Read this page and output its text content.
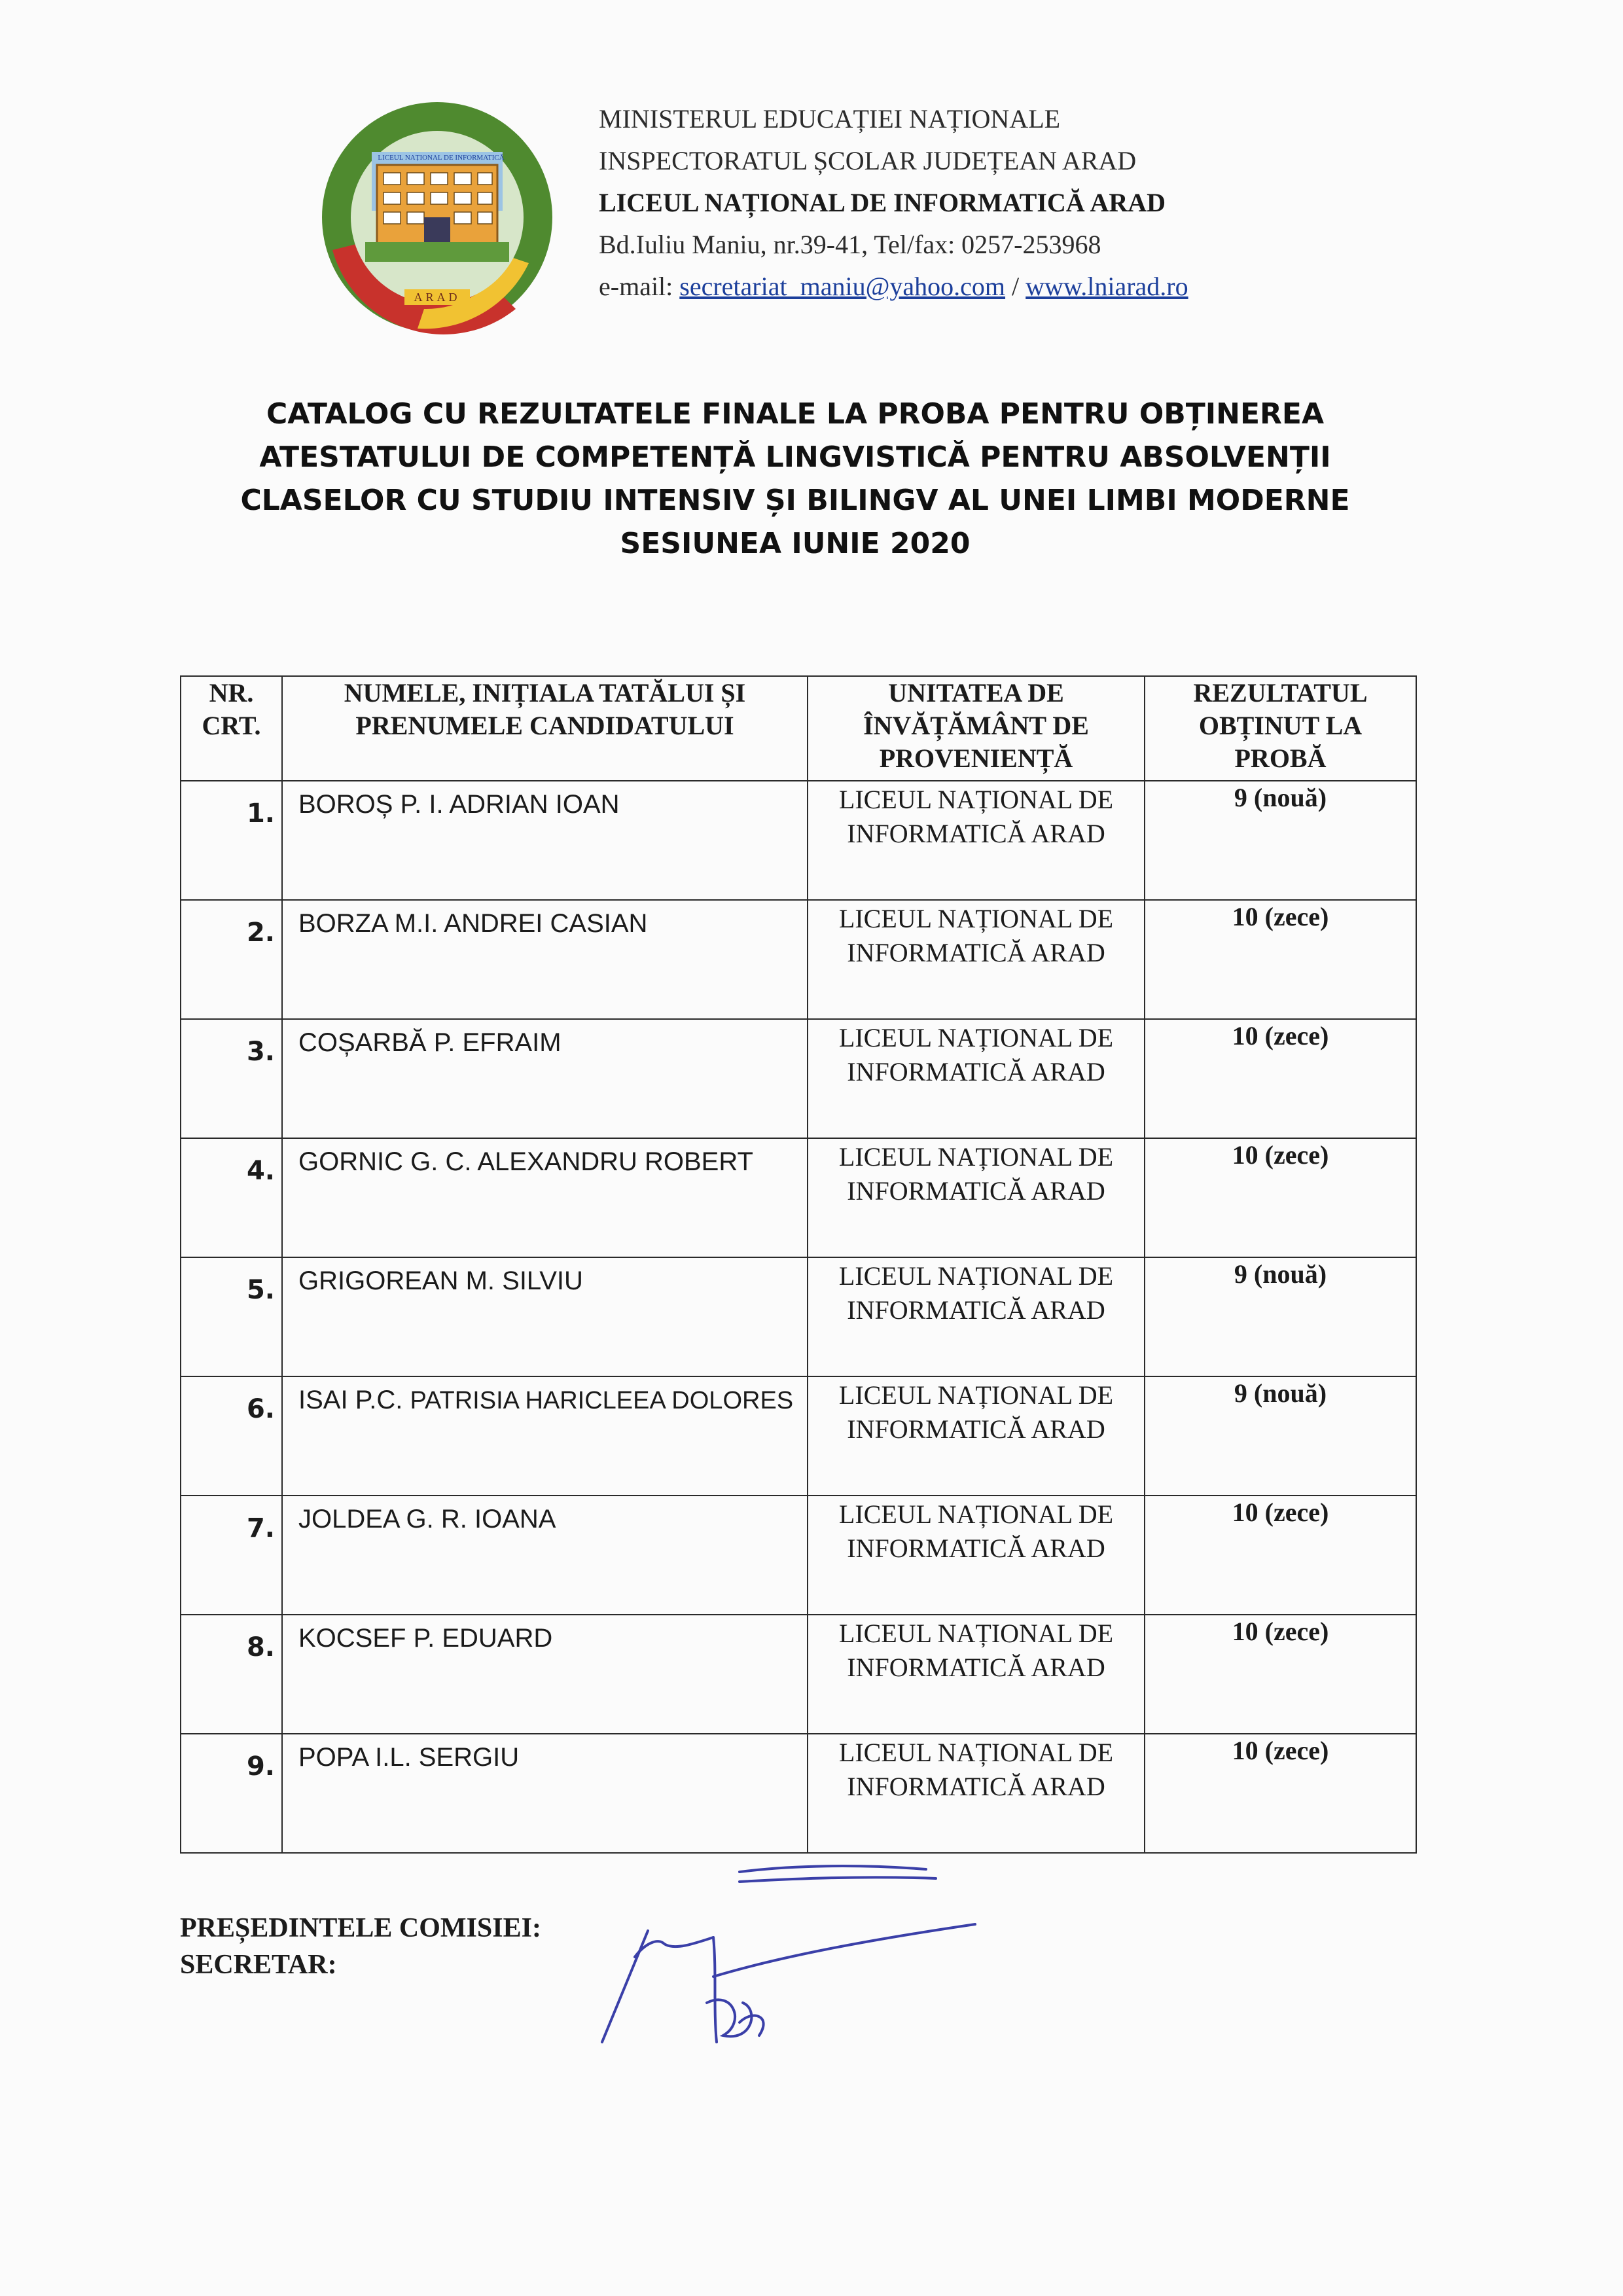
LICEUL NAȚIONAL DE INFORMATICĂ
ARAD
MINISTERUL EDUCAȚIEI NAȚIONALE
INSPECTORATUL ȘCOLAR JUDEȚEAN ARAD
LICEUL NAȚIONAL DE INFORMATICĂ ARAD
Bd.Iuliu Maniu, nr.39-41, Tel/fax: 0257-253968
e-mail: secretariat_maniu@yahoo.com / www.lniarad.ro
CATALOG CU REZULTATELE FINALE LA PROBA PENTRU OBȚINEREA
ATESTATULUI DE COMPETENȚĂ LINGVISTICĂ PENTRU ABSOLVENȚII
CLASELOR CU STUDIU INTENSIV ȘI BILINGV AL UNEI LIMBI MODERNE
SESIUNEA IUNIE 2020
NR. CRT.	NUMELE, INIȚIALA TATĂLUI ȘI PRENUMELE CANDIDATULUI	UNITATEA DE ÎNVĂȚĂMÂNT DE PROVENIENȚĂ	REZULTATUL OBȚINUT LA PROBĂ
1.	BOROȘ P. I. ADRIAN IOAN	LICEUL NAȚIONAL DE INFORMATICĂ ARAD	9 (nouă)
2.	BORZA M.I. ANDREI CASIAN	LICEUL NAȚIONAL DE INFORMATICĂ ARAD	10 (zece)
3.	COȘARBĂ P. EFRAIM	LICEUL NAȚIONAL DE INFORMATICĂ ARAD	10 (zece)
4.	GORNIC G. C. ALEXANDRU ROBERT	LICEUL NAȚIONAL DE INFORMATICĂ ARAD	10 (zece)
5.	GRIGOREAN M. SILVIU	LICEUL NAȚIONAL DE INFORMATICĂ ARAD	9 (nouă)
6.	ISAI P.C. PATRISIA HARICLEEA DOLORES	LICEUL NAȚIONAL DE INFORMATICĂ ARAD	9 (nouă)
7.	JOLDEA G. R. IOANA	LICEUL NAȚIONAL DE INFORMATICĂ ARAD	10 (zece)
8.	KOCSEF P. EDUARD	LICEUL NAȚIONAL DE INFORMATICĂ ARAD	10 (zece)
9.	POPA I.L. SERGIU	LICEUL NAȚIONAL DE INFORMATICĂ ARAD	10 (zece)
PREȘEDINTELE COMISIEI:
SECRETAR:
